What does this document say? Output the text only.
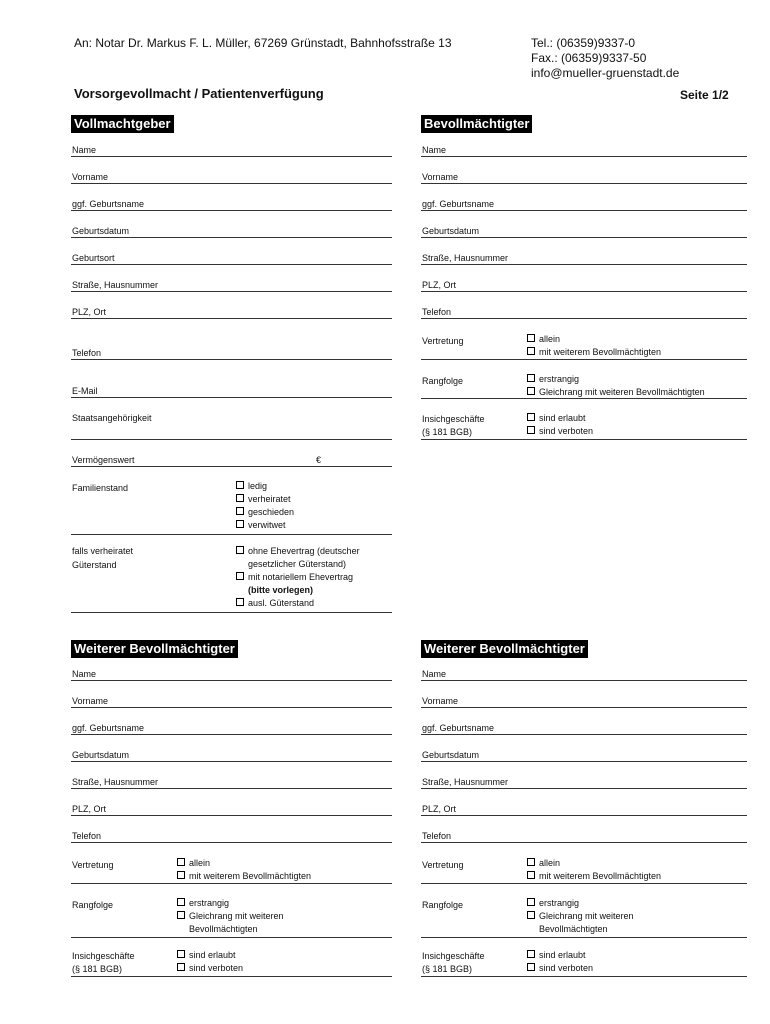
An: Notar Dr. Markus F. L. Müller, 67269 Grünstadt, Bahnhofsstraße 13	Tel.: (06359)9337-0
Fax.: (06359)9337-50
info@mueller-gruenstadt.de
Vorsorgevollmacht / Patientenverfügung	Seite 1/2
Vollmachtgeber
Name
Vorname
ggf. Geburtsname
Geburtsdatum
Geburtsort
Straße, Hausnummer
PLZ, Ort
Telefon
E-Mail
Staatsangehörigkeit
Vermögenswert	€
Familienstand	ledig
verheiratet
geschieden
verwitwet
falls verheiratet
Güterstand
ohne Ehevertrag (deutscher
gesetzlicher Güterstand)
mit notariellem Ehevertrag
(bitte vorlegen)
ausl. Güterstand
Bevollmächtigter
Name
Vorname
ggf. Geburtsname
Geburtsdatum
Straße, Hausnummer
PLZ, Ort
Telefon
Vertretung	allein
mit weiterem Bevollmächtigten
Rangfolge	erstrangig
Gleichrang mit weiteren Bevollmächtigten
Insichgeschäfte
(§ 181 BGB)
sind erlaubt
sind verboten
Weiterer Bevollmächtigter
Name
Vorname
ggf. Geburtsname
Geburtsdatum
Straße, Hausnummer
PLZ, Ort
Telefon
Vertretung	allein
mit weiterem Bevollmächtigten
Rangfolge	erstrangig
Gleichrang mit weiteren
Bevollmächtigten
Insichgeschäfte
(§ 181 BGB)
sind erlaubt
sind verboten
Weiterer Bevollmächtigter
Name
Vorname
ggf. Geburtsname
Geburtsdatum
Straße, Hausnummer
PLZ, Ort
Telefon
Vertretung	allein
mit weiterem Bevollmächtigten
Rangfolge	erstrangig
Gleichrang mit weiteren
Bevollmächtigten
Insichgeschäfte
(§ 181 BGB)
sind erlaubt
sind verboten
